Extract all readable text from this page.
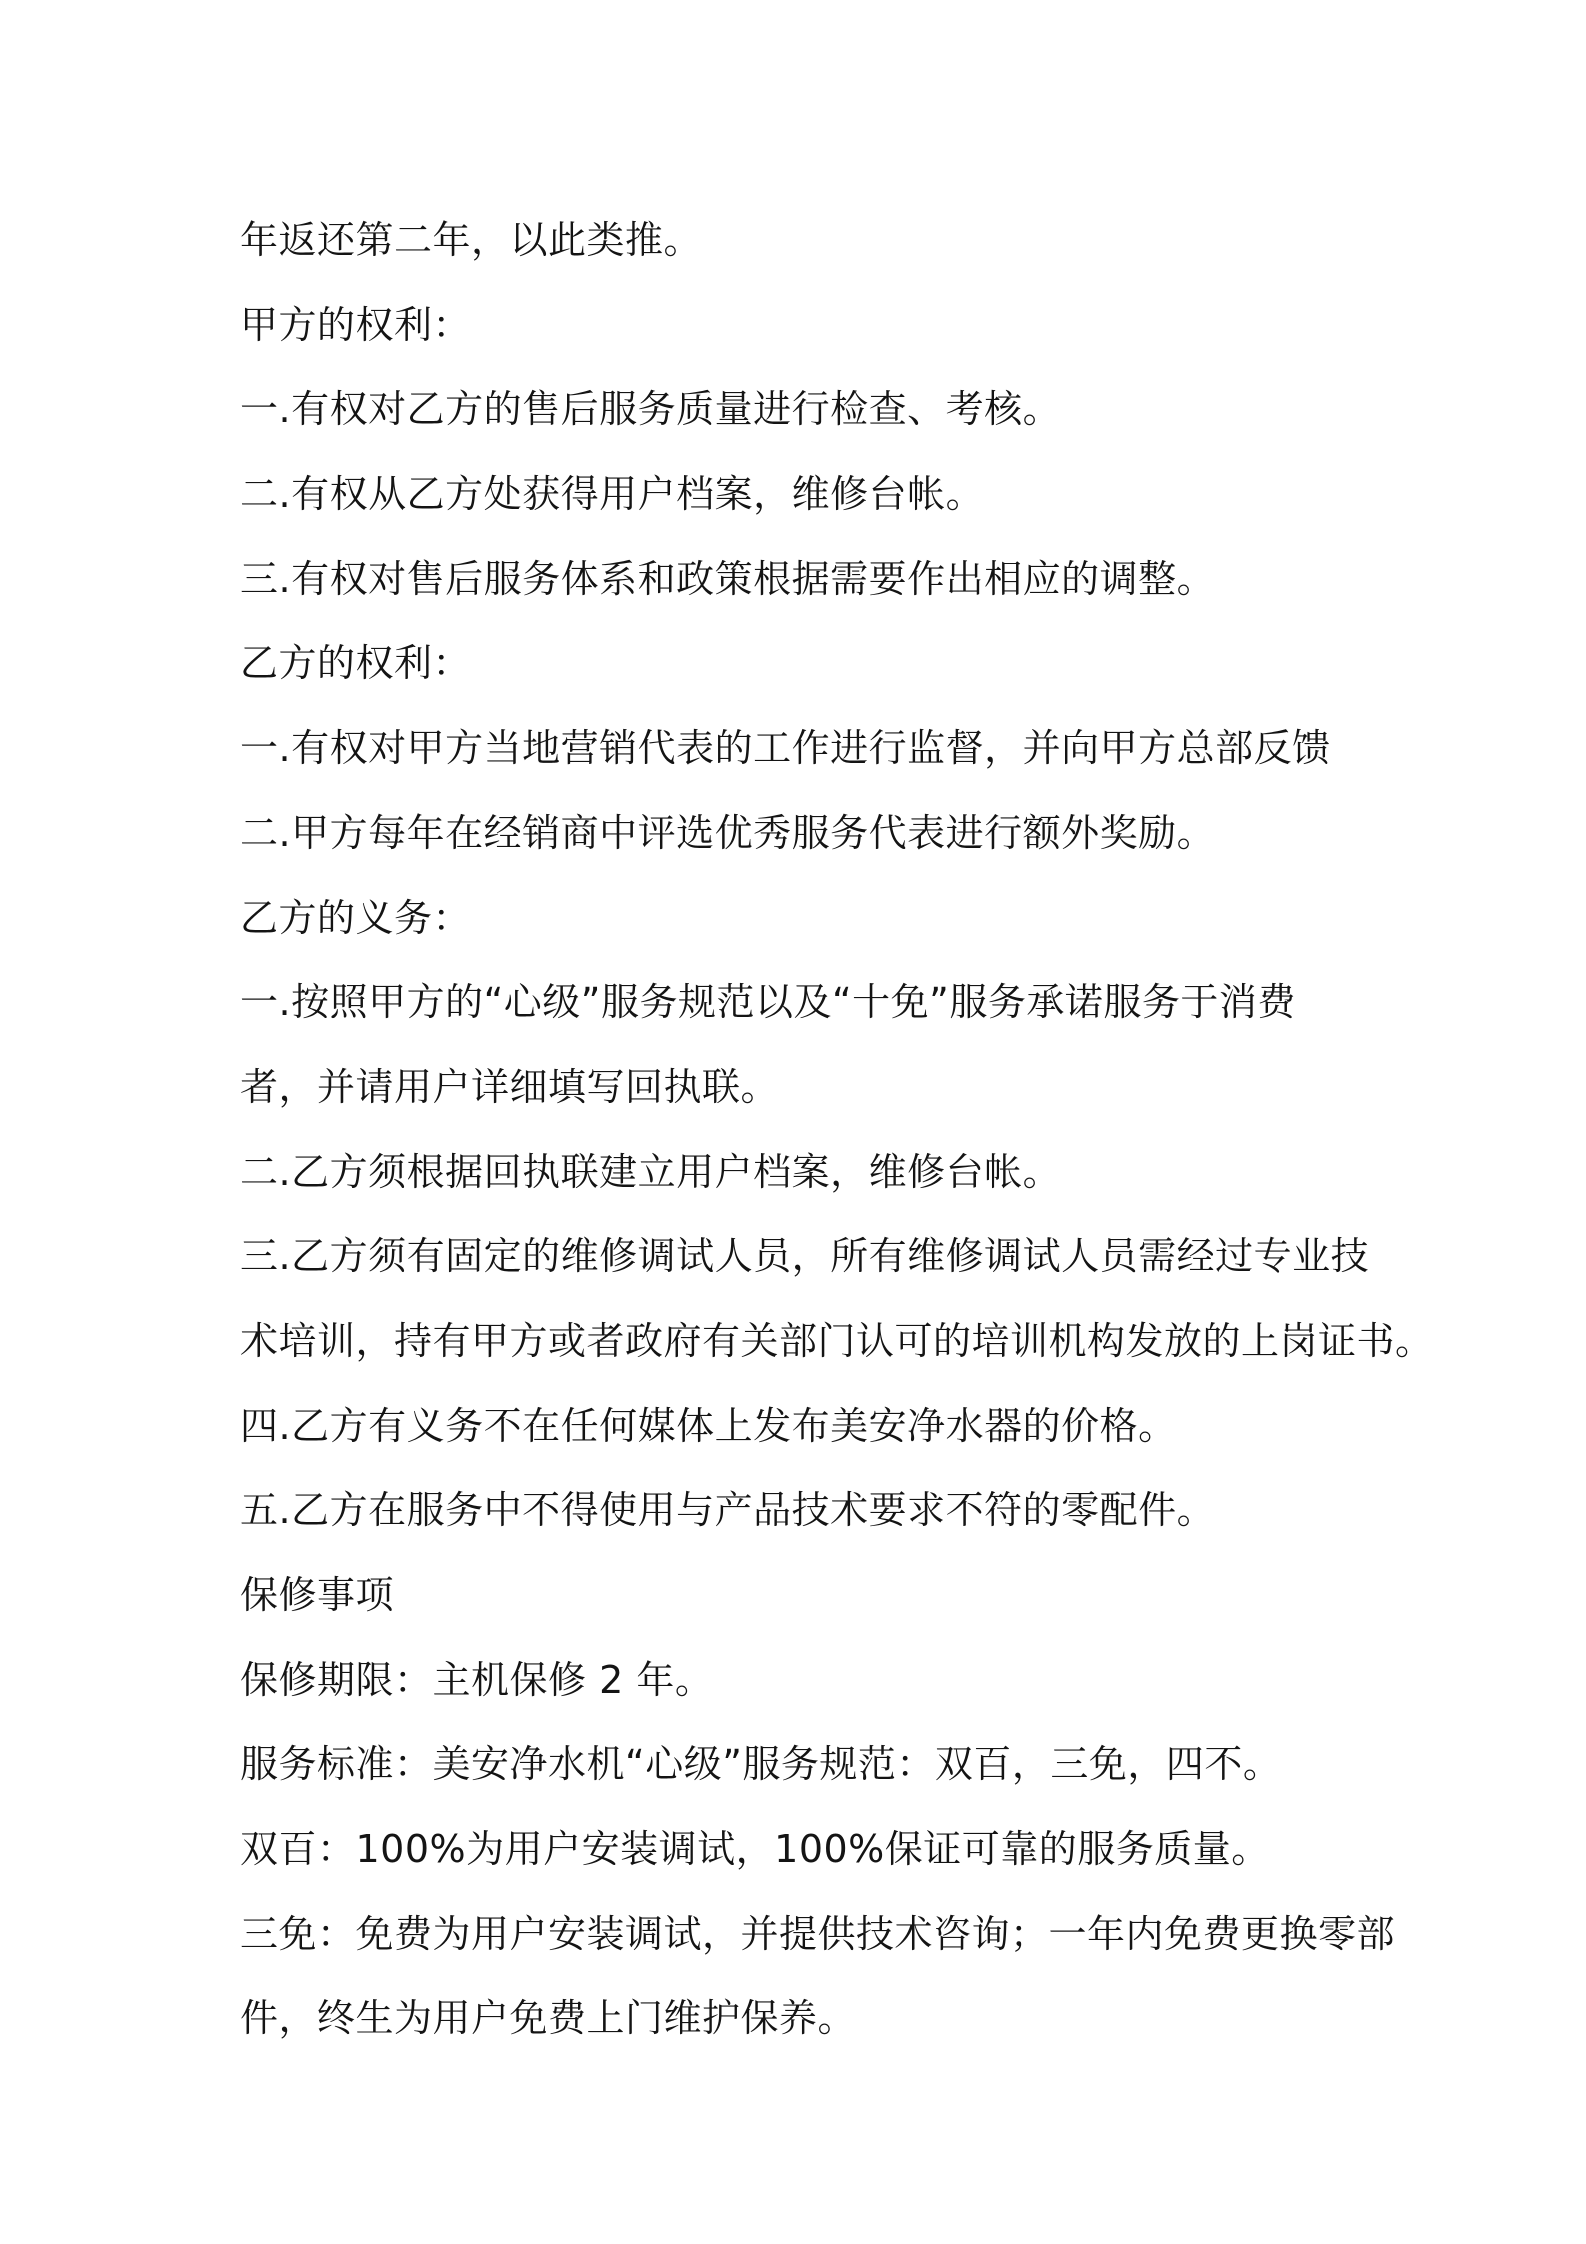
年返还第二年，以此类推。
甲方的权利：
一.有权对乙方的售后服务质量进行检查、考核。
二.有权从乙方处获得用户档案，维修台帐。
三.有权对售后服务体系和政策根据需要作出相应的调整。
乙方的权利：
一.有权对甲方当地营销代表的工作进行监督，并向甲方总部反馈
二.甲方每年在经销商中评选优秀服务代表进行额外奖励。
乙方的义务：
一.按照甲方的“心级”服务规范以及“十免”服务承诺服务于消费
者，并请用户详细填写回执联。
二.乙方须根据回执联建立用户档案，维修台帐。
三.乙方须有固定的维修调试人员，所有维修调试人员需经过专业技
术培训，持有甲方或者政府有关部门认可的培训机构发放的上岗证书。
四.乙方有义务不在任何媒体上发布美安净水器的价格。
五.乙方在服务中不得使用与产品技术要求不符的零配件。
保修事项
保修期限：主机保修 2 年。
服务标准：美安净水机“心级”服务规范：双百，三免，四不。
双百：100%为用户安装调试，100%保证可靠的服务质量。
三免：免费为用户安装调试，并提供技术咨询；一年内免费更换零部
件，终生为用户免费上门维护保养。
